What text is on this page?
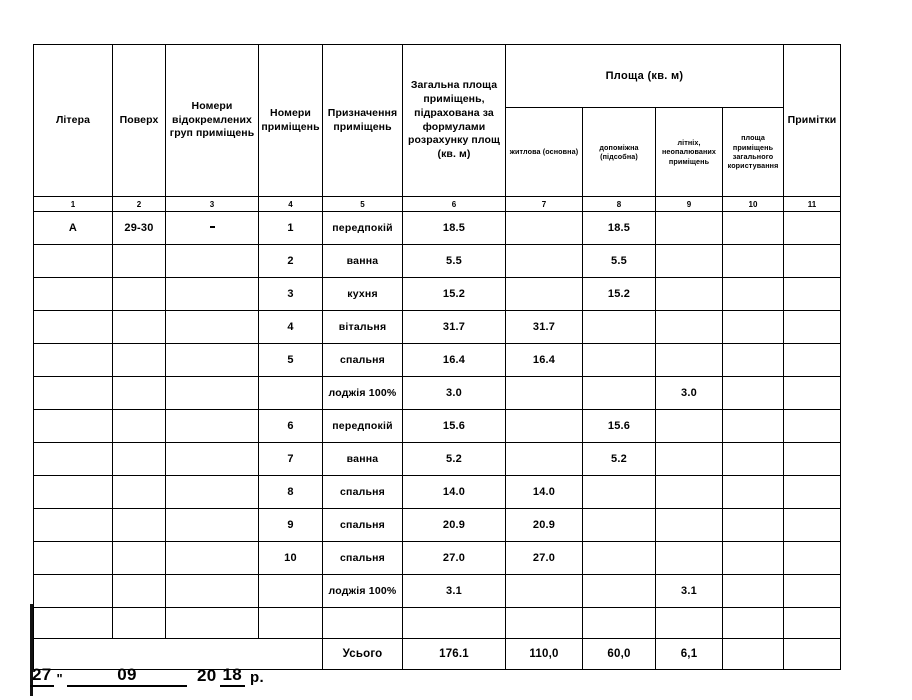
Літера	Поверх	Номери відокремлених груп приміщень	Номери приміщень	Призначення приміщень	Загальна площа приміщень, підрахована за формулами розрахунку площ (кв. м)	Площа (кв. м)				Примітки
						житлова (основна)	допоміжна (підсобна)	літніх, неопалюваних приміщень	площа приміщень загального користування	
1	2	3	4	5	6	7	8	9	10	11
А	29-30		1	передпокій	18.5		18.5			
			2	ванна	5.5		5.5			
			3	кухня	15.2		15.2			
			4	вітальня	31.7	31.7				
			5	спальня	16.4	16.4				
				лоджія 100%	3.0			3.0		
			6	передпокій	15.6		15.6			
			7	ванна	5.2		5.2			
			8	спальня	14.0	14.0				
			9	спальня	20.9	20.9				
			10	спальня	27.0	27.0				
				лоджія 100%	3.1			3.1		

				Усього	176.1	110,0	60,0	6,1		
27 "	09	20 18 р.
